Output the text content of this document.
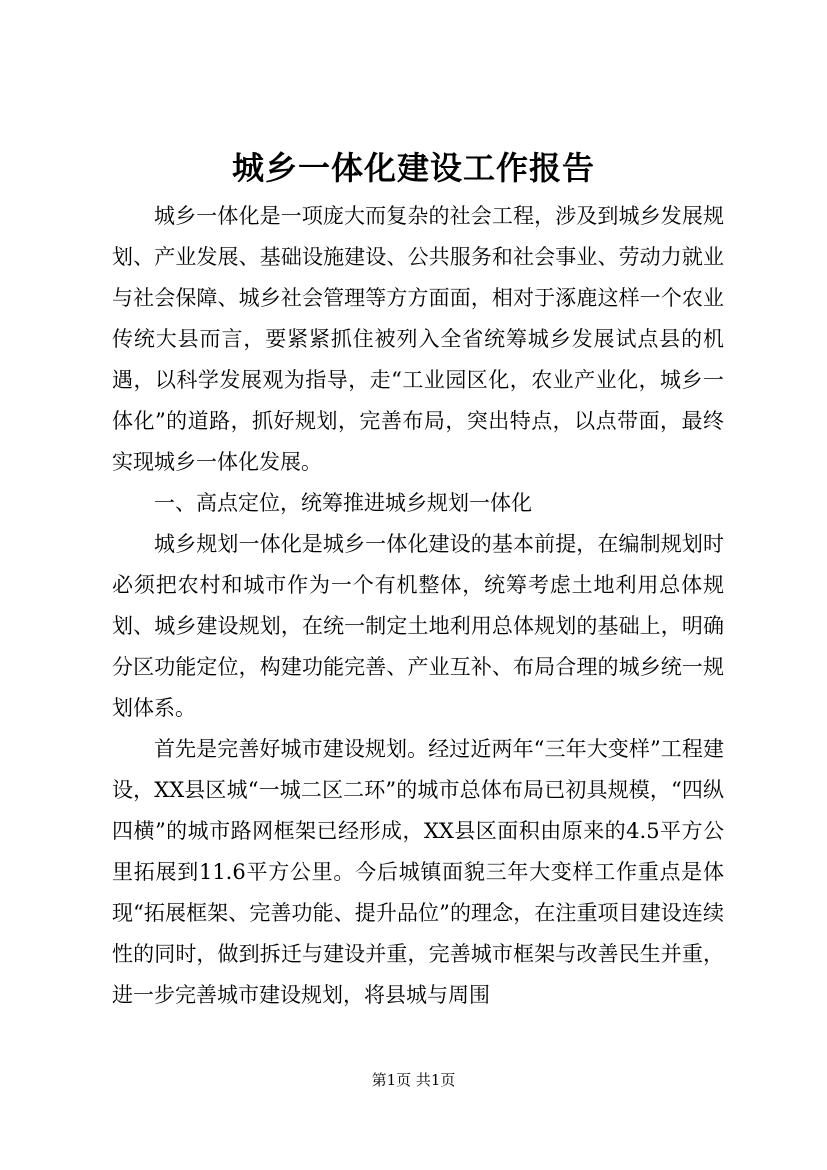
城乡一体化建设工作报告

城乡一体化是一项庞大而复杂的社会工程，涉及到城乡发展规划、产业发展、基础设施建设、公共服务和社会事业、劳动力就业与社会保障、城乡社会管理等方方面面，相对于涿鹿这样一个农业传统大县而言，要紧紧抓住被列入全省统筹城乡发展试点县的机遇，以科学发展观为指导，走“工业园区化，农业产业化，城乡一体化”的道路，抓好规划，完善布局，突出特点，以点带面，最终实现城乡一体化发展。

一、高点定位，统筹推进城乡规划一体化

城乡规划一体化是城乡一体化建设的基本前提，在编制规划时必须把农村和城市作为一个有机整体，统筹考虑土地利用总体规划、城乡建设规划，在统一制定土地利用总体规划的基础上，明确分区功能定位，构建功能完善、产业互补、布局合理的城乡统一规划体系。

首先是完善好城市建设规划。经过近两年“三年大变样”工程建设，XX县区城“一城二区二环”的城市总体布局已初具规模，“四纵四横”的城市路网框架已经形成，XX县区面积由原来的4.5平方公里拓展到11.6平方公里。今后城镇面貌三年大变样工作重点是体现“拓展框架、完善功能、提升品位”的理念，在注重项目建设连续性的同时，做到拆迁与建设并重，完善城市框架与改善民生并重，进一步完善城市建设规划，将县城与周围

第1页 共1页
